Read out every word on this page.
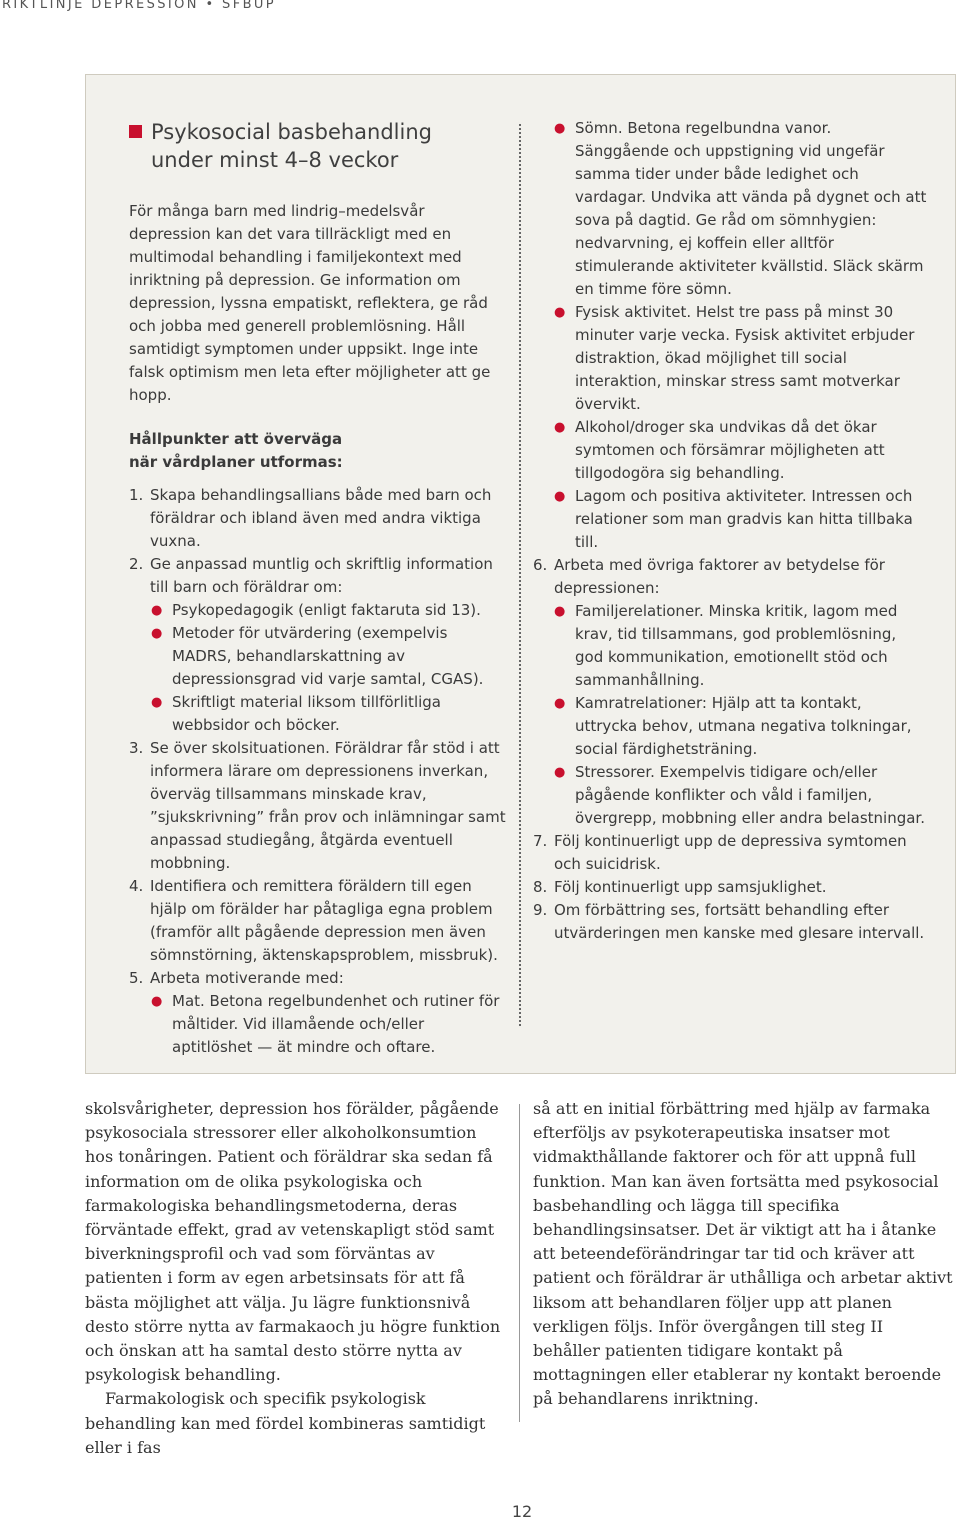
RIKTLINJE DEPRESSION • SFBUP
Psykosocial basbehandling
under minst 4–8 veckor

För många barn med lindrig–medelsvår depression kan det vara tillräckligt med en multimodal behandling i familjekontext med inriktning på depression. Ge information om depression, lyssna empatiskt, reflektera, ge råd och jobba med generell problemlösning. Håll samtidigt symptomen under uppsikt. Inge inte falsk optimism men leta efter möjligheter att ge hopp.

Hållpunkter att överväga
när vårdplaner utformas:
1. Skapa behandlingsallians både med barn och föräldrar och ibland även med andra viktiga vuxna.
2. Ge anpassad muntlig och skriftlig information till barn och föräldrar om:
● Psykopedagogik (enligt faktaruta sid 13).
● Metoder för utvärdering (exempelvis MADRS, behandlarskattning av depressionsgrad vid varje samtal, CGAS).
● Skriftligt material liksom tillförlitliga webbsidor och böcker.
3. Se över skolsituationen. Föräldrar får stöd i att informera lärare om depressionens inverkan, överväg tillsammans minskade krav, ”sjukskrivning” från prov och inlämningar samt anpassad studiegång, åtgärda eventuell mobbning.
4. Identifiera och remittera föräldern till egen hjälp om förälder har påtagliga egna problem (framför allt pågående depression men även sömnstörning, äktenskapsproblem, missbruk).
5. Arbeta motiverande med:
● Mat. Betona regelbundenhet och rutiner för måltider. Vid illamående och/eller aptitlöshet — ät mindre och oftare.
● Sömn. Betona regelbundna vanor. Sänggående och uppstigning vid ungefär samma tider under både ledighet och vardagar. Undvika att vända på dygnet och att sova på dagtid. Ge råd om sömnhygien: nedvarvning, ej koffein eller alltför stimulerande aktiviteter kvällstid. Släck skärm en timme före sömn.
● Fysisk aktivitet. Helst tre pass på minst 30 minuter varje vecka. Fysisk aktivitet erbjuder distraktion, ökad möjlighet till social interaktion, minskar stress samt motverkar övervikt.
● Alkohol/droger ska undvikas då det ökar symtomen och försämrar möjligheten att tillgodogöra sig behandling.
● Lagom och positiva aktiviteter. Intressen och relationer som man gradvis kan hitta tillbaka till.
6. Arbeta med övriga faktorer av betydelse för depressionen:
● Familjerelationer. Minska kritik, lagom med krav, tid tillsammans, god problemlösning, god kommunikation, emotionellt stöd och sammanhållning.
● Kamratrelationer: Hjälp att ta kontakt, uttrycka behov, utmana negativa tolkningar, social färdighetsträning.
● Stressorer. Exempelvis tidigare och/eller pågående konflikter och våld i familjen, övergrepp, mobbning eller andra belastningar.
7. Följ kontinuerligt upp de depressiva symtomen och suicidrisk.
8. Följ kontinuerligt upp samsjuklighet.
9. Om förbättring ses, fortsätt behandling efter utvärderingen men kanske med glesare intervall.

skolsvårigheter, depression hos förälder, pågående psykosociala stressorer eller alkoholkonsumtion hos tonåringen. Patient och föräldrar ska sedan få information om de olika psykologiska och farmakologiska behandlingsmetoderna, deras förväntade effekt, grad av vetenskapligt stöd samt biverkningsprofil och vad som förväntas av patienten i form av egen arbetsinsats för att få bästa möjlighet att välja. Ju lägre funktionsnivå desto större nytta av farmakaoch ju högre funktion och önskan att ha samtal desto större nytta av psykologisk behandling.

Farmakologisk och specifik psykologisk behandling kan med fördel kombineras samtidigt eller i fas

så att en initial förbättring med hjälp av farmaka efterföljs av psykoterapeutiska insatser mot vidmakthållande faktorer och för att uppnå full funktion. Man kan även fortsätta med psykosocial basbehandling och lägga till specifika behandlingsinsatser. Det är viktigt att ha i åtanke att beteendeförändringar tar tid och kräver att patient och föräldrar är uthålliga och arbetar aktivt liksom att behandlaren följer upp att planen verkligen följs. Inför övergången till steg II behåller patienten tidigare kontakt på mottagningen eller etablerar ny kontakt beroende på behandlarens inriktning.

12
